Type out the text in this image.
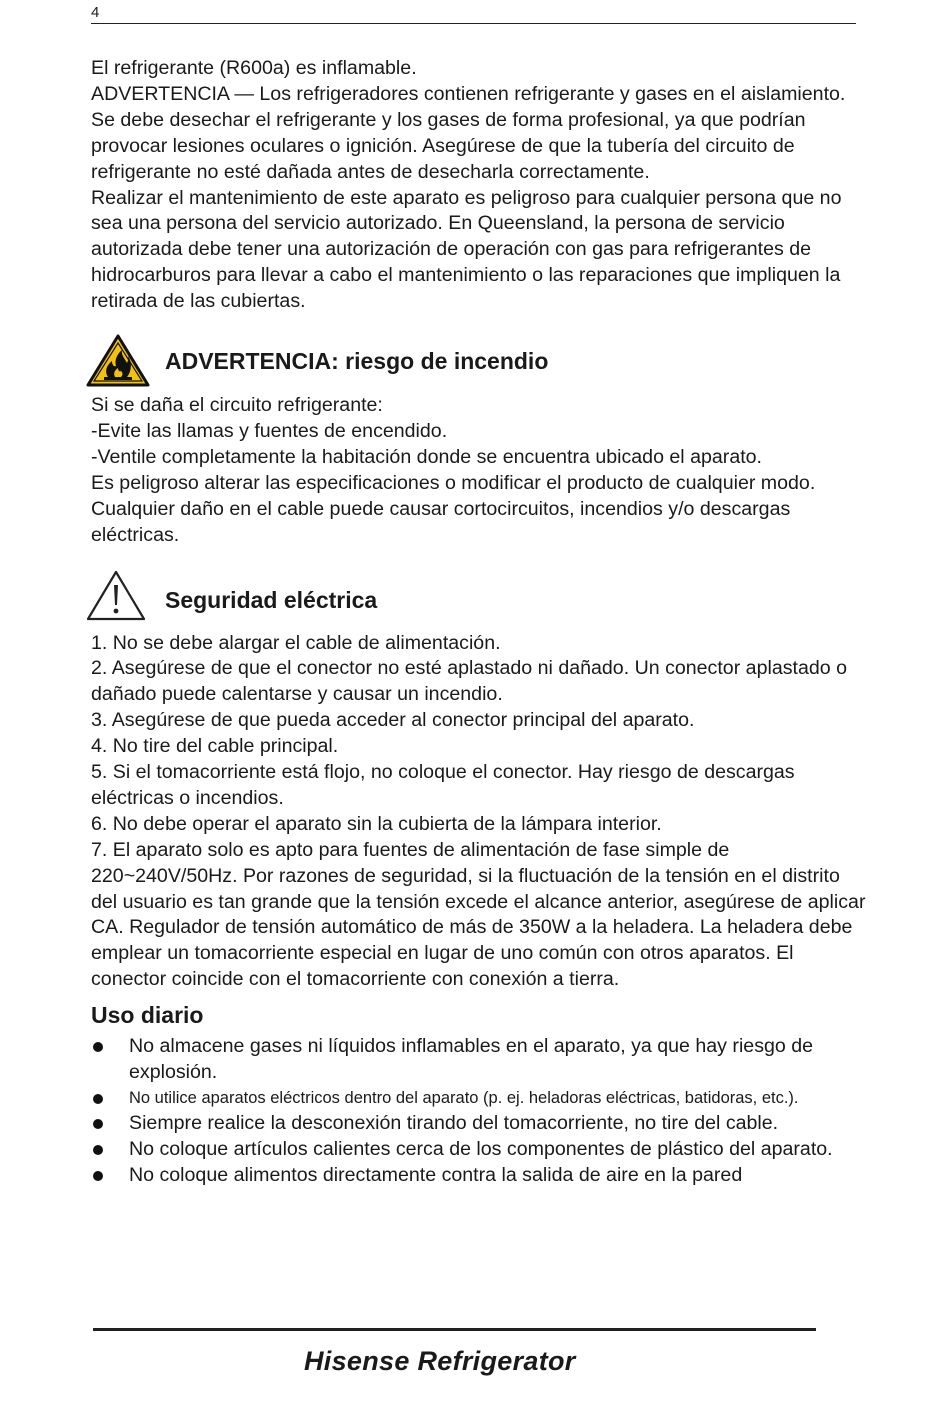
4

El refrigerante (R600a) es inflamable.

ADVERTENCIA — Los refrigeradores contienen refrigerante y gases en el aislamiento. Se debe desechar el refrigerante y los gases de forma profesional, ya que podrían provocar lesiones oculares o ignición. Asegúrese de que la tubería del circuito de refrigerante no esté dañada antes de desecharla correctamente.

Realizar el mantenimiento de este aparato es peligroso para cualquier persona que no sea una persona del servicio autorizado. En Queensland, la persona de servicio autorizada debe tener una autorización de operación con gas para refrigerantes de hidrocarburos para llevar a cabo el mantenimiento o las reparaciones que impliquen la retirada de las cubiertas.

ADVERTENCIA: riesgo de incendio

Si se daña el circuito refrigerante:

-Evite las llamas y fuentes de encendido.

-Ventile completamente la habitación donde se encuentra ubicado el aparato.

Es peligroso alterar las especificaciones o modificar el producto de cualquier modo.

Cualquier daño en el cable puede causar cortocircuitos, incendios y/o descargas eléctricas.

Seguridad eléctrica

1. No se debe alargar el cable de alimentación.

2. Asegúrese de que el conector no esté aplastado ni dañado. Un conector aplastado o dañado puede calentarse y causar un incendio.

3. Asegúrese de que pueda acceder al conector principal del aparato.

4. No tire del cable principal.

5. Si el tomacorriente está flojo, no coloque el conector. Hay riesgo de descargas eléctricas o incendios.

6. No debe operar el aparato sin la cubierta de la lámpara interior.

7. El aparato solo es apto para fuentes de alimentación de fase simple de 220~240V/50Hz. Por razones de seguridad, si la fluctuación de la tensión en el distrito del usuario es tan grande que la tensión excede el alcance anterior, asegúrese de aplicar CA. Regulador de tensión automático de más de 350W a la heladera. La heladera debe emplear un tomacorriente especial en lugar de uno común con otros aparatos. El conector coincide con el tomacorriente con conexión a tierra.

Uso diario
No almacene gases ni líquidos inflamables en el aparato, ya que hay riesgo de explosión.
No utilice aparatos eléctricos dentro del aparato (p. ej. heladoras eléctricas, batidoras, etc.).
Siempre realice la desconexión tirando del tomacorriente, no tire del cable.
No coloque artículos calientes cerca de los componentes de plástico del aparato.
No coloque alimentos directamente contra la salida de aire en la pared
Hisense Refrigerator
